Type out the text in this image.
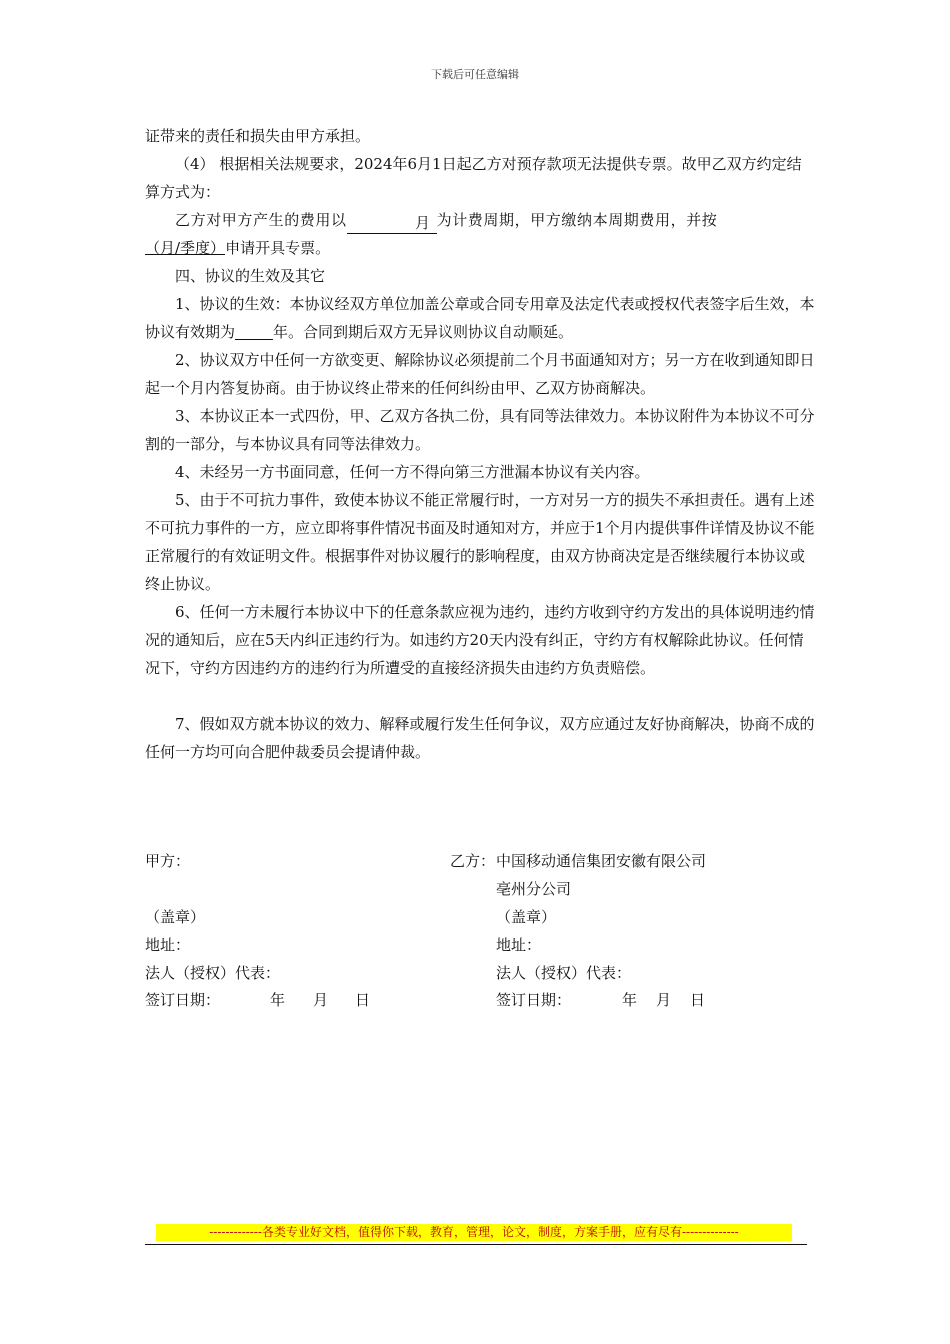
下载后可任意编辑
证带来的责任和损失由甲方承担。

（4） 根据相关法规要求，2024年6月1日起乙方对预存款项无法提供专票。故甲乙双方约定结算方式为：

乙方对甲方产生的费用以	月 为计费周期，甲方缴纳本周期费用，并按
（月/季度）申请开具专票。
四、协议的生效及其它

1、协议的生效：本协议经双方单位加盖公章或合同专用章及法定代表或授权代表签字后生效，本协议有效期为	年。合同到期后双方无异议则协议自动顺延。

2、协议双方中任何一方欲变更、解除协议必须提前二个月书面通知对方；另一方在收到通知即日起一个月内答复协商。由于协议终止带来的任何纠纷由甲、乙双方协商解决。

3、本协议正本一式四份，甲、乙双方各执二份，具有同等法律效力。本协议附件为本协议不可分割的一部分，与本协议具有同等法律效力。

4、未经另一方书面同意，任何一方不得向第三方泄漏本协议有关内容。

5、由于不可抗力事件，致使本协议不能正常履行时，一方对另一方的损失不承担责任。遇有上述不可抗力事件的一方，应立即将事件情况书面及时通知对方，并应于1个月内提供事件详情及协议不能正常履行的有效证明文件。根据事件对协议履行的影响程度，由双方协商决定是否继续履行本协议或终止协议。

6、任何一方未履行本协议中下的任意条款应视为违约，违约方收到守约方发出的具体说明违约情况的通知后，应在5天内纠正违约行为。如违约方20天内没有纠正，守约方有权解除此协议。任何情况下，守约方因违约方的违约行为所遭受的直接经济损失由违约方负责赔偿。

7、假如双方就本协议的效力、解释或履行发生任何争议，双方应通过友好协商解决，协商不成的任何一方均可向合肥仲裁委员会提请仲裁。

甲方：
（盖章）
地址：
法人（授权）代表：
签订日期：	年 月 日
乙方： 中国移动通信集团安徽有限公司
亳州分公司
（盖章）
地址：
法人（授权）代表：
签订日期：	年 月 日
-------------各类专业好文档，值得你下载，教育，管理，论文，制度，方案手册，应有尽有--------------
